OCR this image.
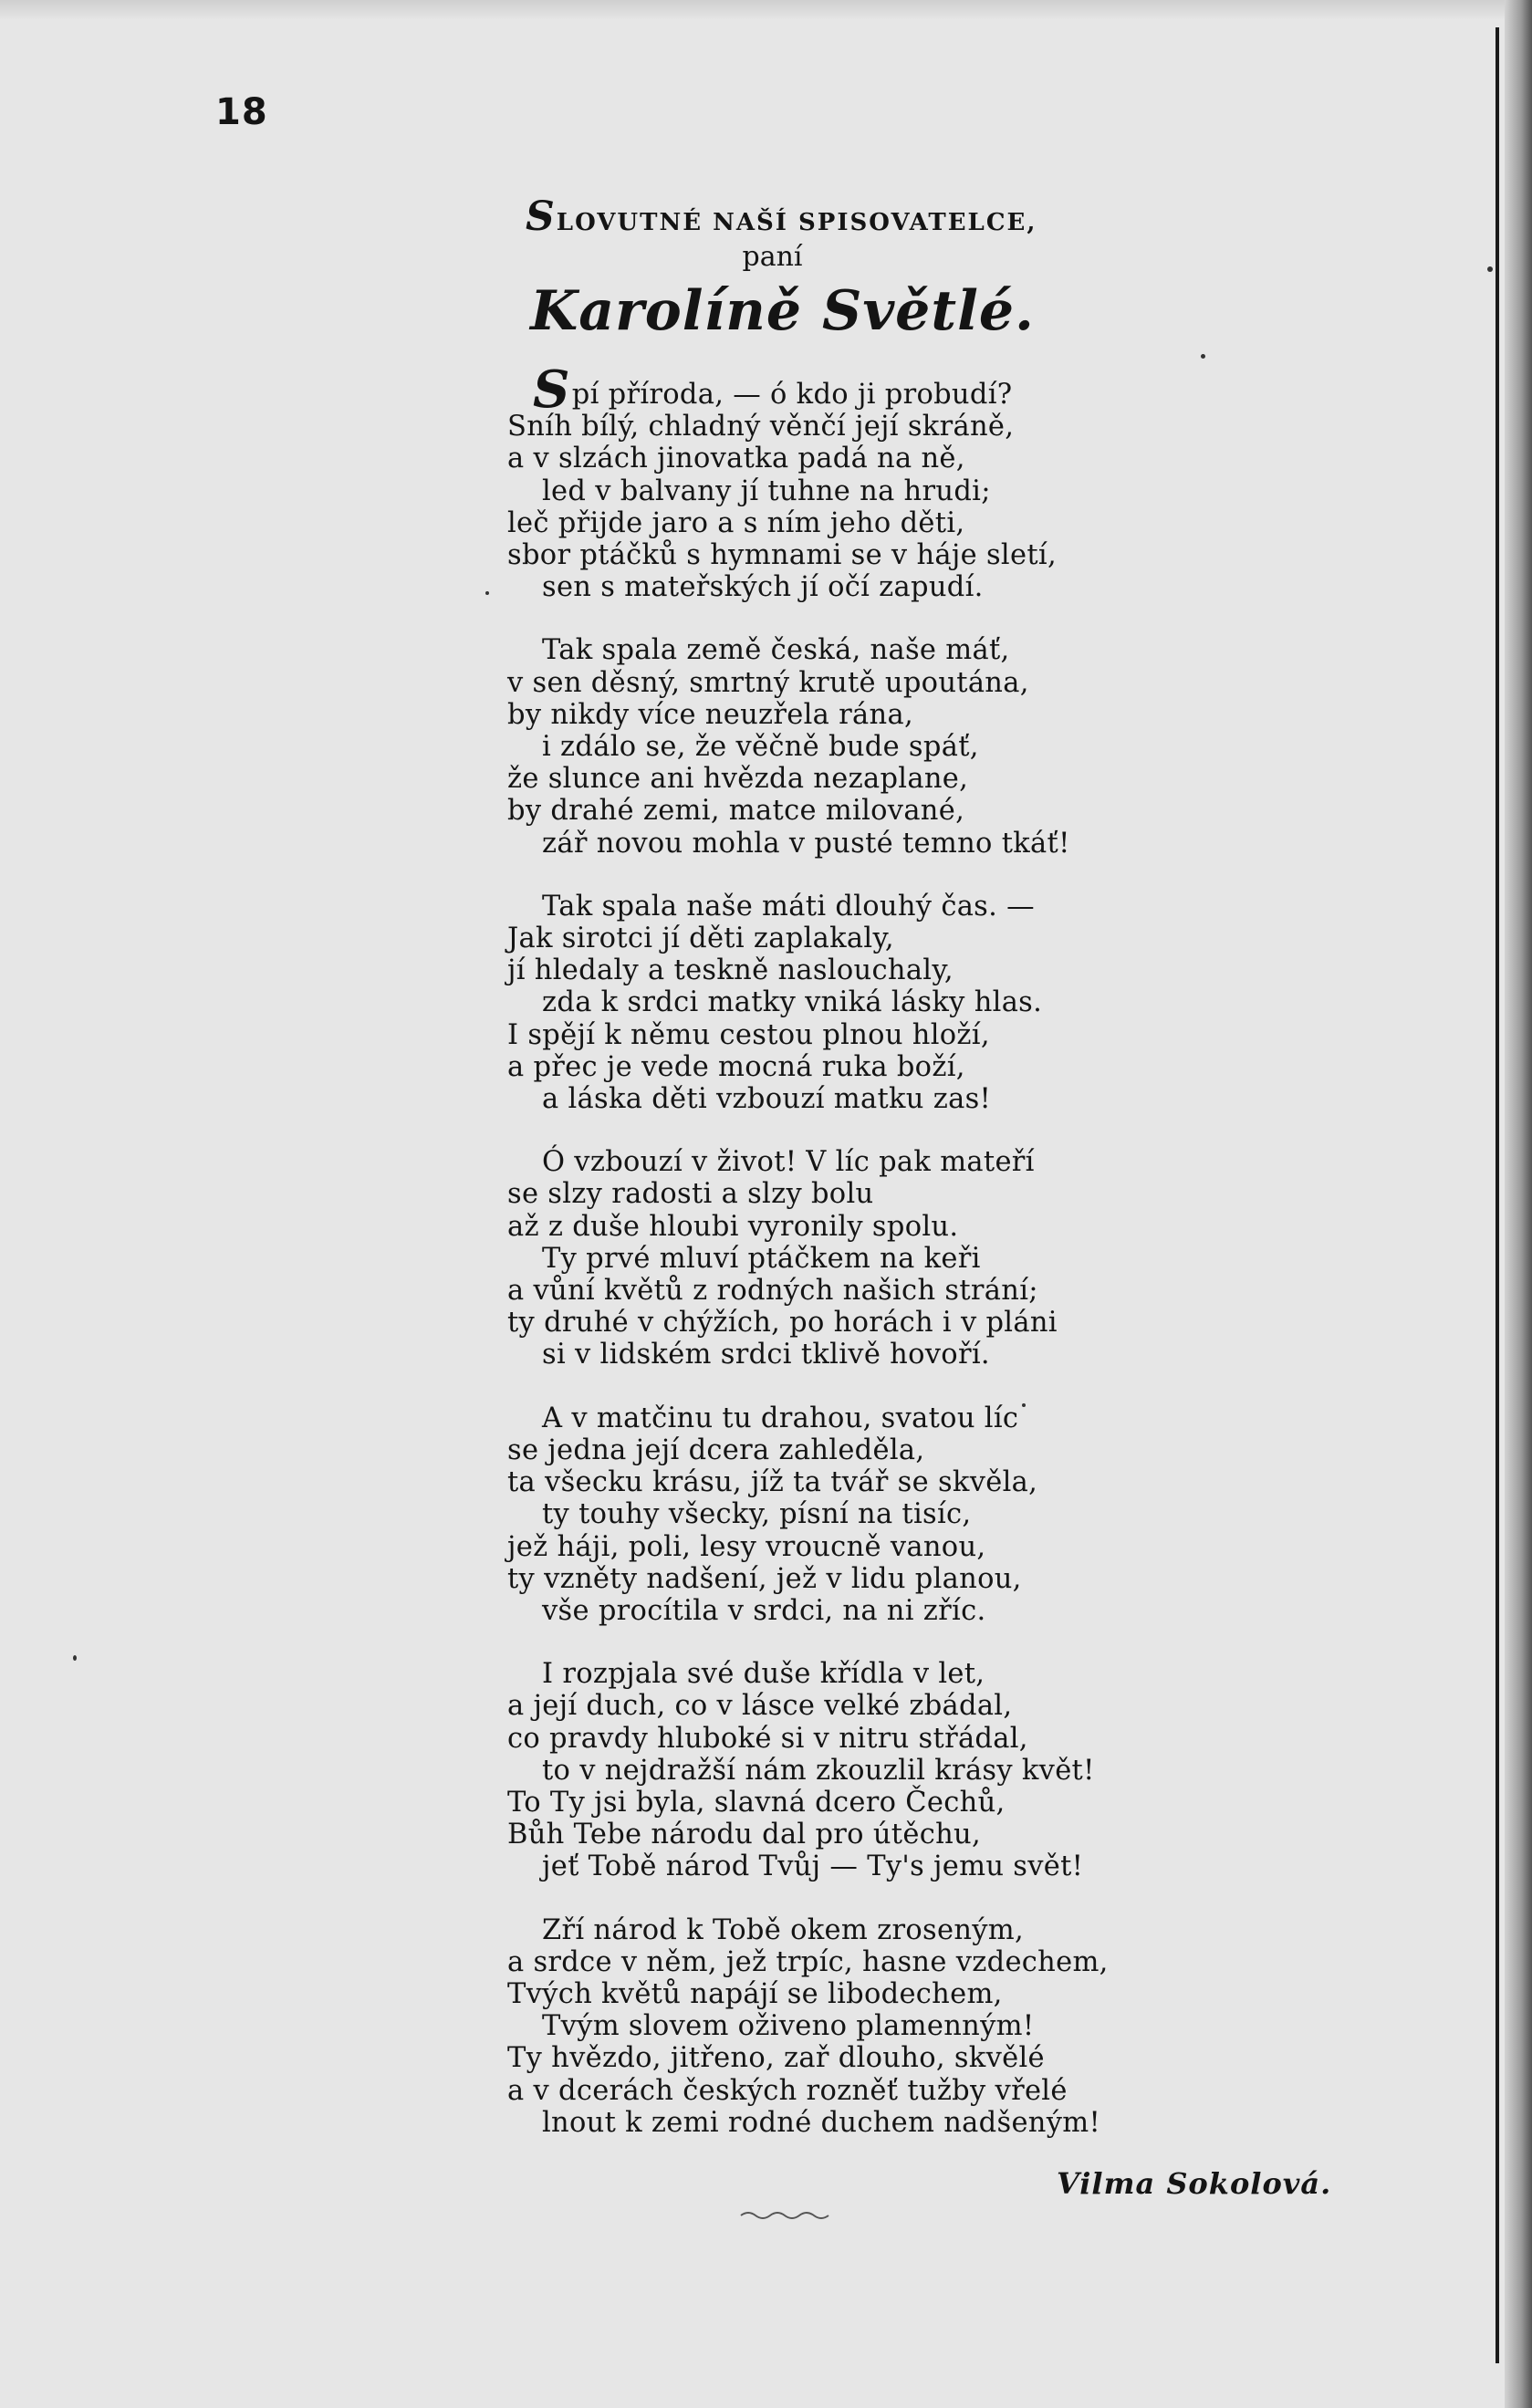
18
SLOVUTNÉ NAŠÍ SPISOVATELCE,
paní
Karolíně Světlé.
Spí příroda, — ó kdo ji probudí?
Sníh bílý, chladný věnčí její skráně,
a v slzách jinovatka padá na ně,
led v balvany jí tuhne na hrudi;
leč přijde jaro a s ním jeho děti,
sbor ptáčků s hymnami se v háje sletí,
sen s mateřských jí očí zapudí.
Tak spala země česká, naše máť,
v sen děsný, smrtný krutě upoutána,
by nikdy více neuzřela rána,
i zdálo se, že věčně bude spáť,
že slunce ani hvězda nezaplane,
by drahé zemi, matce milované,
zář novou mohla v pusté temno tkáť!
Tak spala naše máti dlouhý čas. —
Jak sirotci jí děti zaplakaly,
jí hledaly a teskně naslouchaly,
zda k srdci matky vniká lásky hlas.
I spějí k němu cestou plnou hloží,
a přec je vede mocná ruka boží,
a láska děti vzbouzí matku zas!
Ó vzbouzí v život! V líc pak mateří
se slzy radosti a slzy bolu
až z duše hloubi vyronily spolu.
Ty prvé mluví ptáčkem na keři
a vůní květů z rodných našich strání;
ty druhé v chýžích, po horách i v pláni
si v lidském srdci tklivě hovoří.
A v matčinu tu drahou, svatou líc
se jedna její dcera zahleděla,
ta všecku krásu, jíž ta tvář se skvěla,
ty touhy všecky, písní na tisíc,
jež háji, poli, lesy vroucně vanou,
ty vzněty nadšení, jež v lidu planou,
vše procítila v srdci, na ni zříc.
I rozpjala své duše křídla v let,
a její duch, co v lásce velké zbádal,
co pravdy hluboké si v nitru střádal,
to v nejdražší nám zkouzlil krásy květ!
To Ty jsi byla, slavná dcero Čechů,
Bůh Tebe národu dal pro útěchu,
jeť Tobě národ Tvůj — Ty's jemu svět!
Zří národ k Tobě okem zroseným,
a srdce v něm, jež trpíc, hasne vzdechem,
Tvých květů napájí se libodechem,
Tvým slovem oživeno plamenným!
Ty hvězdo, jitřeno, zař dlouho, skvělé
a v dcerách českých rozněť tužby vřelé
lnout k zemi rodné duchem nadšeným!
Vilma Sokolová.
